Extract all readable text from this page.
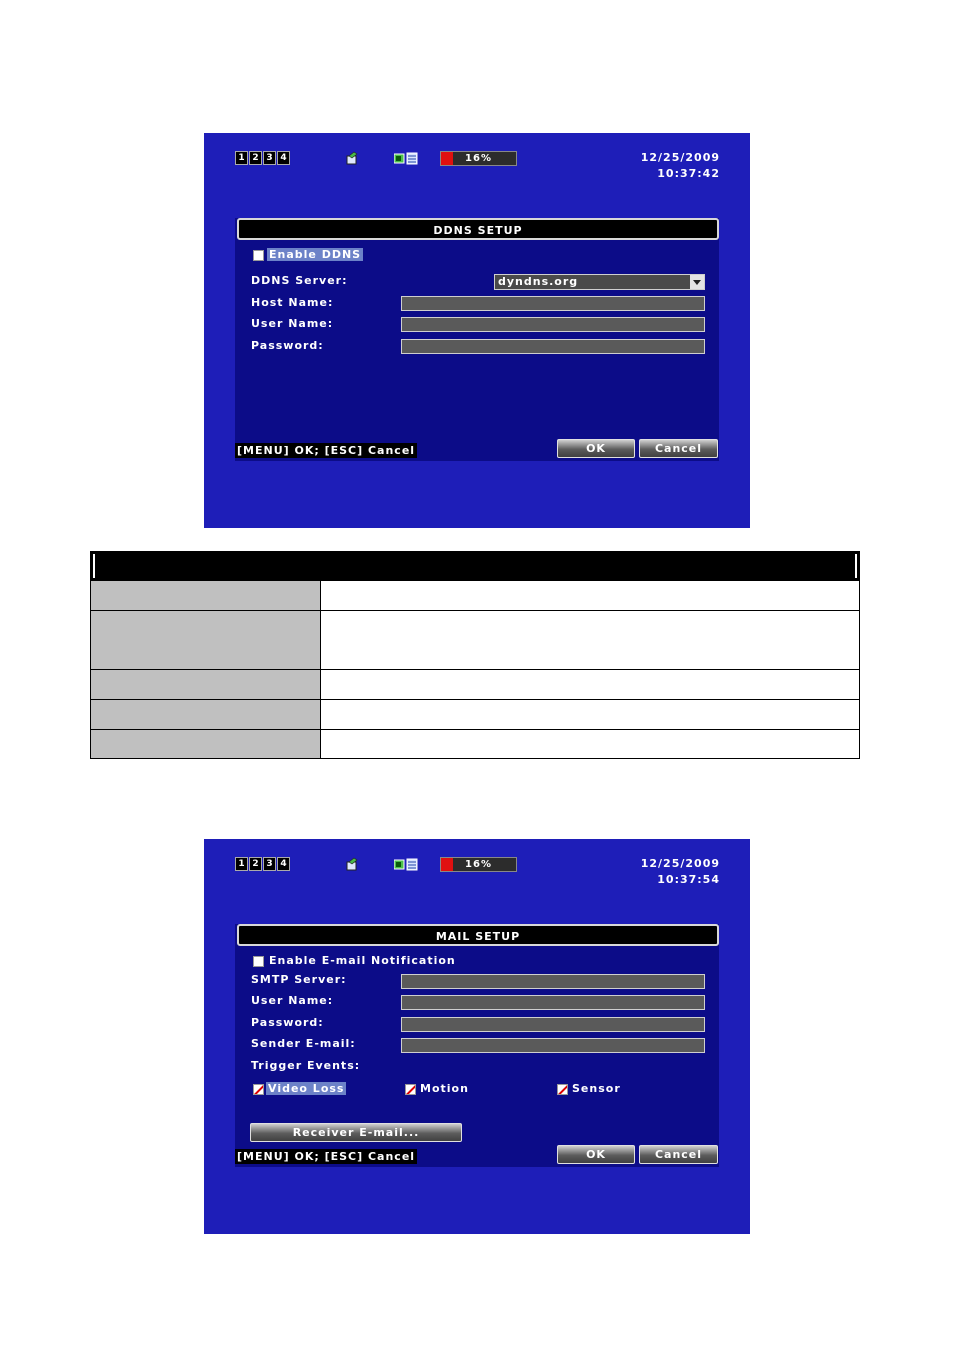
1 2 3 4	16%	12/25/2009
10:37:42
DDNS SETUP
Enable DDNS
DDNS Server:	dyndns.org
Host Name:
User Name:
Password:
[MENU] OK; [ESC] Cancel	OK	Cancel
1 2 3 4	16%	12/25/2009
10:37:54
MAIL SETUP
Enable E-mail Notification
SMTP Server:
User Name:
Password:
Sender E-mail:
Trigger Events:
Video Loss	Motion	Sensor
Receiver E-mail...
[MENU] OK; [ESC] Cancel	OK	Cancel
